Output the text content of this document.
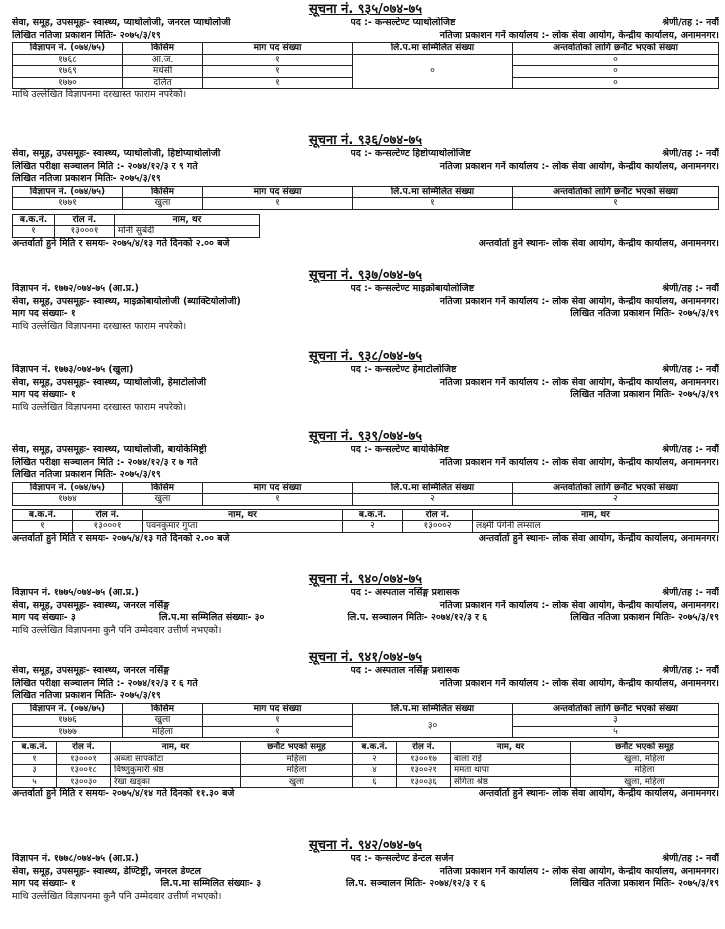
सूचना नं. ९३५/०७४-७५
सेवा, समूह, उपसमूहः- स्वास्थ्य, प्याथोलोजी, जनरल प्याथोलोजी	पद :- कन्सल्टेण्ट प्याथोलोजिष्ट	श्रेणी/तह :- नवौं
लिखित नतिजा प्रकाशन मितिः- २०७५/३/१९	नतिजा प्रकाशन गर्ने कार्यालय :- लोक सेवा आयोग, केन्द्रीय कार्यालय, अनामनगर।
विज्ञापन नं. (०७४/७५)	किसिम	माग पद संख्या	लि.प.मा सम्मिलित संख्या	अन्तर्वार्ताको लागि छनौट भएको संख्या
१७६८	आ.ज.	१	०	०
१७६९	मधेसी	१		०
१७७०	दलित	१		०
माथि उल्लेखित विज्ञापनमा दरखास्त फाराम नपरेको।
सूचना नं. ९३६/०७४-७५
सेवा, समूह, उपसमूहः- स्वास्थ्य, प्याथोलोजी, हिष्टोप्याथोलोजी	पद :- कन्सल्टेण्ट हिष्टोप्याथोलोजिष्ट	श्रेणी/तह :- नवौं
लिखित परीक्षा सञ्चालन मिति :- २०७४/१२/३ र ९ गते	नतिजा प्रकाशन गर्ने कार्यालय :- लोक सेवा आयोग, केन्द्रीय कार्यालय, अनामनगर।
लिखित नतिजा प्रकाशन मितिः- २०७५/३/१९
विज्ञापन नं. (०७४/७५)	किसिम	माग पद संख्या	लि.प.मा सम्मिलित संख्या	अन्तर्वार्ताको लागि छनौट भएको संख्या
१७७१	खुला	१	१	१
ब.क.नं.	रोल नं.	नाम, थर
१	१३०००१	मोनी सुबेदी
अन्तर्वार्ता हुने मिति र समयः- २०७५/४/१३ गते दिनको २.०० बजे	अन्तर्वार्ता हुने स्थानः- लोक सेवा आयोग, केन्द्रीय कार्यालय, अनामनगर।
सूचना नं. ९३७/०७४-७५
विज्ञापन नं. १७७२/०७४-७५ (आ.प्र.)	पद :- कन्सल्टेण्ट माइक्रोबायोलोजिष्ट	श्रेणी/तह :- नवौं
सेवा, समूह, उपसमूहः- स्वास्थ्य, माइक्रोबायोलोजी (ब्याक्टियोलोजी)	नतिजा प्रकाशन गर्ने कार्यालय :- लोक सेवा आयोग, केन्द्रीय कार्यालय, अनामनगर।
माग पद संख्याः- १	लिखित नतिजा प्रकाशन मितिः- २०७५/३/१९
माथि उल्लेखित विज्ञापनमा दरखास्त फाराम नपरेको।
सूचना नं. ९३८/०७४-७५
विज्ञापन नं. १७७३/०७४-७५ (खुला)	पद :- कन्सल्टेण्ट हेमाटोलोजिष्ट	श्रेणी/तह :- नवौं
सेवा, समूह, उपसमूहः- स्वास्थ्य, प्याथोलोजी, हेमाटोलोजी	नतिजा प्रकाशन गर्ने कार्यालय :- लोक सेवा आयोग, केन्द्रीय कार्यालय, अनामनगर।
माग पद संख्याः- १	लिखित नतिजा प्रकाशन मितिः- २०७५/३/१९
माथि उल्लेखित विज्ञापनमा दरखास्त फाराम नपरेको।
सूचना नं. ९३९/०७४-७५
सेवा, समूह, उपसमूहः- स्वास्थ्य, प्याथोलोजी, बायोकेमिष्ट्री	पद :- कन्सल्टेण्ट बायोकेमिष्ट	श्रेणी/तह :- नवौं
लिखित परीक्षा सञ्चालन मिति :- २०७४/१२/३ र ७ गते	नतिजा प्रकाशन गर्ने कार्यालय :- लोक सेवा आयोग, केन्द्रीय कार्यालय, अनामनगर।
लिखित नतिजा प्रकाशन मितिः- २०७५/३/१९
विज्ञापन नं. (०७४/७५)	किसिम	माग पद संख्या	लि.प.मा सम्मिलित संख्या	अन्तर्वार्ताको लागि छनौट भएको संख्या
१७७४	खुला	१	२	२
ब.क.नं.	रोल नं.	नाम, थर	ब.क.नं.	रोल नं.	नाम, थर
१	१३०००१	पवनकुमार गुप्ता	२	१३०००२	लक्ष्मी पंगेनी लम्साल
अन्तर्वार्ता हुने मिति र समयः- २०७५/४/१३ गते दिनको २.०० बजे	अन्तर्वार्ता हुने स्थानः- लोक सेवा आयोग, केन्द्रीय कार्यालय, अनामनगर।
सूचना नं. ९४०/०७४-७५
विज्ञापन नं. १७७५/०७४-७५ (आ.प्र.)	पद :- अस्पताल नर्सिङ्ग प्रशासक	श्रेणी/तह :- नवौं
सेवा, समूह, उपसमूहः- स्वास्थ्य, जनरल नर्सिङ्ग	नतिजा प्रकाशन गर्ने कार्यालय :- लोक सेवा आयोग, केन्द्रीय कार्यालय, अनामनगर।
माग पद संख्याः- ३	लि.प.मा सम्मिलित संख्याः- ३०	लि.प. सञ्चालन मितिः- २०७४/१२/३ र ६	लिखित नतिजा प्रकाशन मितिः- २०७५/३/१९
माथि उल्लेखित विज्ञापनमा कुनै पनि उम्मेदवार उत्तीर्ण नभएको।
सूचना नं. ९४१/०७४-७५
सेवा, समूह, उपसमूहः- स्वास्थ्य, जनरल नर्सिङ्ग	पद :- अस्पताल नर्सिङ्ग प्रशासक	श्रेणी/तह :- नवौं
लिखित परीक्षा सञ्चालन मिति :- २०७४/१२/३ र ६ गते	नतिजा प्रकाशन गर्ने कार्यालय :- लोक सेवा आयोग, केन्द्रीय कार्यालय, अनामनगर।
लिखित नतिजा प्रकाशन मितिः- २०७५/३/१९
विज्ञापन नं. (०७४/७५)	किसिम	माग पद संख्या	लि.प.मा सम्मिलित संख्या	अन्तर्वार्ताको लागि छनौट भएको संख्या
१७७६	खुला	१	३०	३
१७७७	महिला	१		५
ब.क.नं.	रोल नं.	नाम, थर	छनौट भएको समूह	ब.क.नं.	रोल नं.	नाम, थर	छनौट भएको समूह
१	१३०००१	अब्जा सापकोटा	महिला	२	१३००१७	बाला राई	खुला, महिला
३	१३००१८	विष्णुकुमारी श्रेष्ठ	महिला	४	१३००२१	ममता थापा	महिला
५	१३००३०	रेखा खड्का	खुला	६	१३००३६	संगिता श्रेष्ठ	खुला, महिला
अन्तर्वार्ता हुने मिति र समयः- २०७५/४/१४ गते दिनको ११.३० बजे	अन्तर्वार्ता हुने स्थानः- लोक सेवा आयोग, केन्द्रीय कार्यालय, अनामनगर।
सूचना नं. ९४२/०७४-७५
विज्ञापन नं. १७७८/०७४-७५ (आ.प्र.)	पद :- कन्सल्टेण्ट डेन्टल सर्जन	श्रेणी/तह :- नवौं
सेवा, समूह, उपसमूहः- स्वास्थ्य, डेण्टिष्ट्री, जनरल डेण्टल	नतिजा प्रकाशन गर्ने कार्यालय :- लोक सेवा आयोग, केन्द्रीय कार्यालय, अनामनगर।
माग पद संख्याः- १	लि.प.मा सम्मिलित संख्याः- ३	लि.प. सञ्चालन मितिः- २०७४/१२/३ र ६	लिखित नतिजा प्रकाशन मितिः- २०७५/३/१९
माथि उल्लेखित विज्ञापनमा कुनै पनि उम्मेदवार उत्तीर्ण नभएको।
